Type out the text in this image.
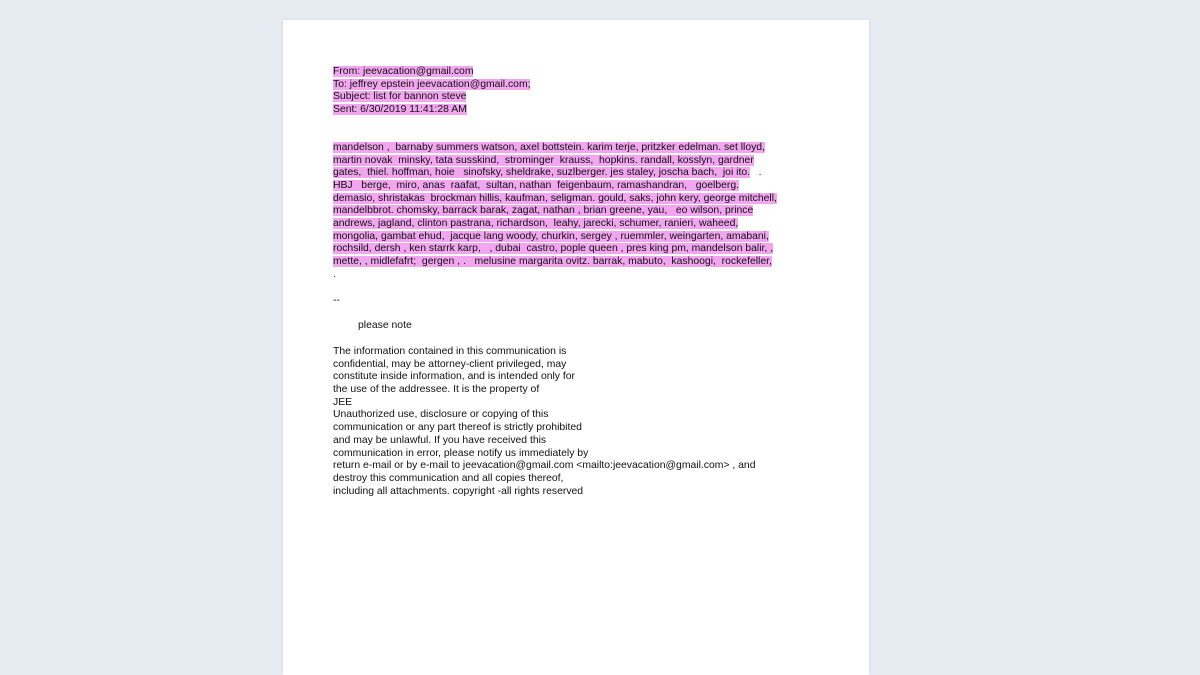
From: jeevacation@gmail.com
To: jeffrey epstein jeevacation@gmail.com;
Subject: list for bannon steve
Sent: 6/30/2019 11:41:28 AM
mandelson ,  barnaby summers watson, axel bottstein. karim terje, pritzker edelman. set lloyd,
martin novak  minsky, tata susskind,  strominger  krauss,  hopkins. randall, kosslyn, gardner
gates,  thiel. hoffman, hoie   sinofsky, sheldrake, suzlberger. jes staley, joscha bach,  joi ito. .
HBJ   berge,  miro, anas  raafat,  sultan, nathan  feigenbaum, ramashandran,   goelberg.
demasio, shristakas  brockman hillis, kaufman, seligman. gould, saks, john kery, george mitchell,
mandelbbrot. chomsky, barrack barak, zagat, nathan , brian greene, yau,   eo wilson, prince
andrews, jagland, clinton pastrana, richardson,  leahy, jarecki, schumer, ranieri, waheed,
mongolia, gambat ehud,  jacque lang woody, churkin, sergey , ruemmler, weingarten, amabani,
rochsild, dersh , ken starrk karp,   , dubai  castro, pople queen , pres king pm, mandelson balir, ,
mette, , midlefafrt;  gergen , .   melusine margarita ovitz. barrak, mabuto,  kashoogi,  rockefeller,
.
--
please note
The information contained in this communication is
confidential, may be attorney-client privileged, may
constitute inside information, and is intended only for
the use of the addressee. It is the property of
JEE
Unauthorized use, disclosure or copying of this
communication or any part thereof is strictly prohibited
and may be unlawful. If you have received this
communication in error, please notify us immediately by
return e-mail or by e-mail to jeevacation@gmail.com <mailto:jeevacation@gmail.com> , and
destroy this communication and all copies thereof,
including all attachments. copyright -all rights reserved
